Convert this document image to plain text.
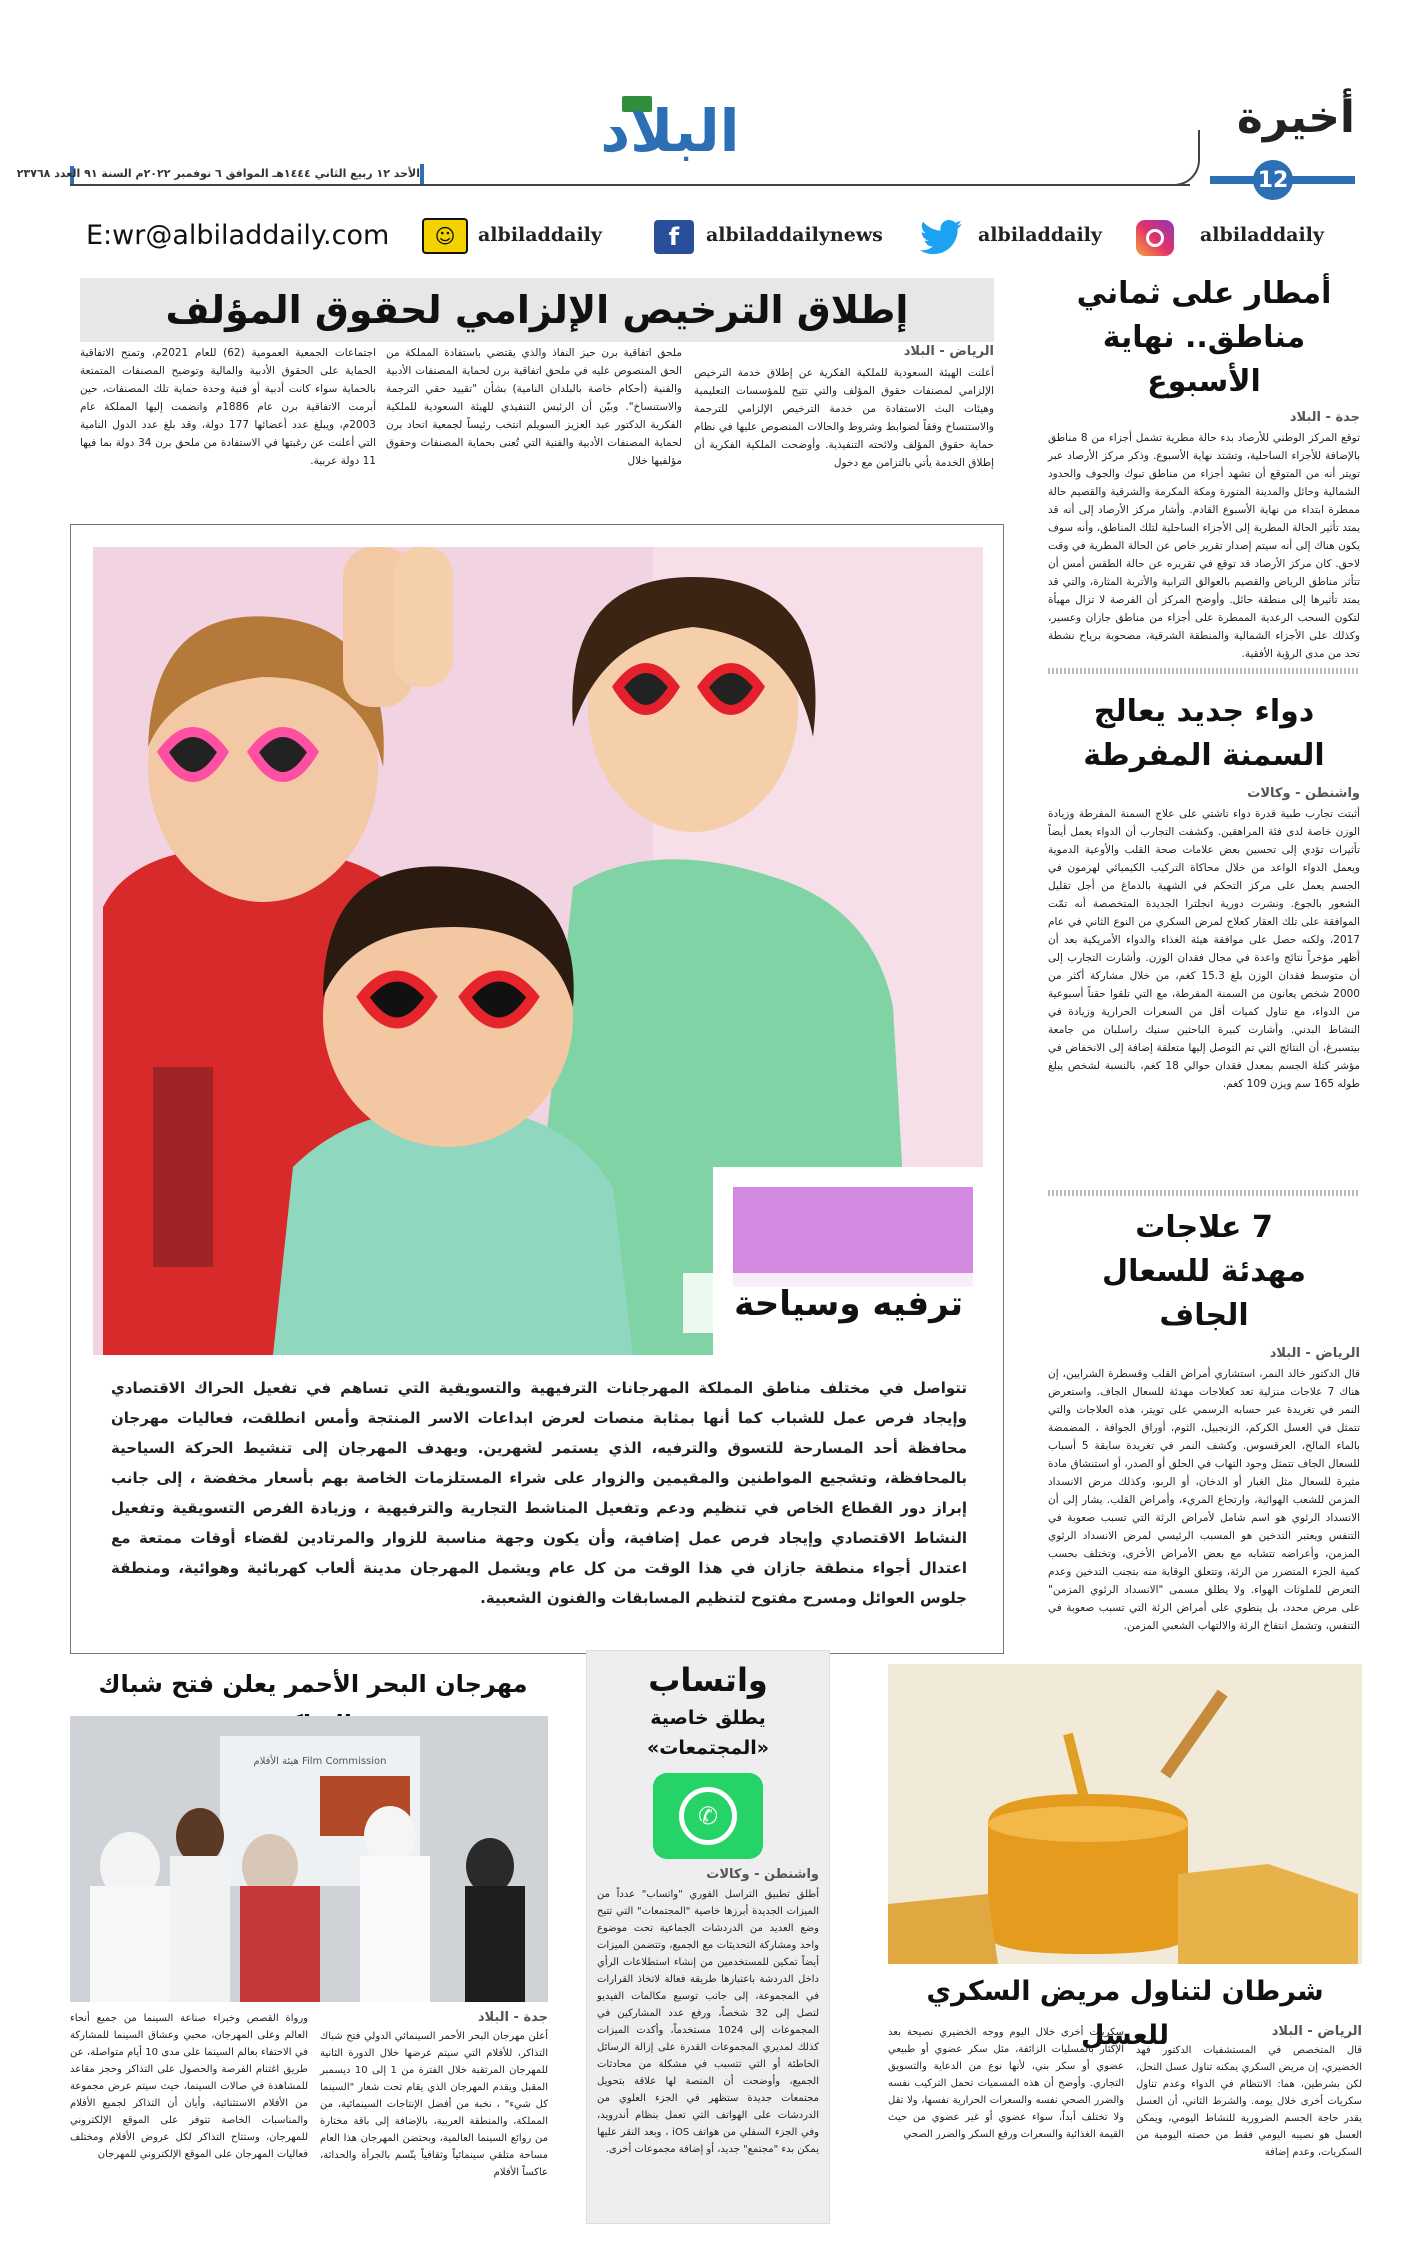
أخيرة
12
البلاد
الأحد ١٢ ربيع الثاني ١٤٤٤هـ الموافق ٦ نوفمبر ٢٠٢٢م السنة ٩١ العدد ٢٣٧٦٨
E:wr@albiladdaily.com ☺ albiladdaily	f	albiladdailynews	albiladdaily	albiladdaily
أمطار على ثماني مناطق.. نهاية الأسبوع
جدة - البلاد
توقع المركز الوطني للأرصاد بدء حالة مطرية تشمل أجزاء من 8 مناطق بالإضافة للأجزاء الساحلية، وتشتد نهاية الأسبوع. وذكر مركز الأرصاد عبر تويتر أنه من المتوقع أن تشهد أجزاء من مناطق تبوك والجوف والحدود الشمالية وحائل والمدينة المنورة ومكة المكرمة والشرقية والقصيم حالة ممطرة ابتداء من نهاية الأسبوع القادم. وأشار مركز الأرصاد إلى أنه قد يمتد تأثير الحالة المطرية إلى الأجزاء الساحلية لتلك المناطق، وأنه سوف يكون هناك إلى أنه سيتم إصدار تقرير خاص عن الحالة المطرية في وقت لاحق. كان مركز الأرصاد قد توقع في تقريره عن حالة الطقس أمس أن تتأثر مناطق الرياض والقصيم بالعوالق الترابية والأتربة المثارة، والتي قد يمتد تأثيرها إلى منطقة حائل. وأوضح المركز أن الفرصة لا تزال مهيأة لتكون السحب الرعدية الممطرة على أجزاء من مناطق جازان وعسير، وكذلك على الأجزاء الشمالية والمنطقة الشرقية، مصحوبة برياح نشطة تحد من مدى الرؤية الأفقية.
دواء جديد يعالج السمنة المفرطة
واشنطن - وكالات
أثبتت تجارب طبية قدرة دواء تاشتي على علاج السمنة المفرطة وزيادة الوزن خاصة لدى فئة المراهقين. وكشفت التجارب أن الدواء يعمل أيضاً تأثيرات تؤدي إلى تحسين بعض علامات صحة القلب والأوعية الدموية ويعمل الدواء الواعد من خلال محاكاة التركيب الكيميائي لهرمون في الجسم يعمل على مركز التحكم في الشهية بالدماغ من أجل تقليل الشعور بالجوع. ونشرت دورية انجلترا الجديدة المتخصصة أنه تمّت الموافقة على تلك العقار كعلاج لمرض السكري من النوع الثاني في عام 2017، ولكنه حصل على موافقة هيئة الغذاء والدواء الأمريكية بعد أن أظهر مؤخراً نتائج واعدة في مجال فقدان الوزن. وأشارت التجارب إلى أن متوسط فقدان الوزن بلغ 15.3 كغم، من خلال مشاركة أكثر من 2000 شخص يعانون من السمنة المفرطة، مع التي تلقوا حقناً أسبوعية من الدواء، مع تناول كميات أقل من السعرات الحرارية وزيادة في النشاط البدني. وأشارت كبيرة الباحثين سنيك راسلبان من جامعة بيتسبرغ، أن النتائج التي تم التوصل إليها متعلقة إضافة إلى الانخفاض في مؤشر كتلة الجسم بمعدل فقدان حوالي 18 كغم، بالنسبة لشخص يبلغ طوله 165 سم ويزن 109 كغم.
7 علاجات مهدئة للسعال الجاف
الرياض - البلاد
قال الدكتور خالد النمر، استشاري أمراض القلب وقسطرة الشرايين، إن هناك 7 علاجات منزلية تعد كعلاجات مهدئة للسعال الجاف. واستعرض النمر في تغريدة عبر حسابه الرسمي على تويتر، هذه العلاجات والتي تتمثل في العسل الكركم، الزنجبيل، الثوم، أوراق الجوافة ، المضمضة بالماء المالح، العرقسوس. وكشف النمر في تغريدة سابقة 5 أسباب للسعال الجاف تتمثل وجود التهاب في الحلق أو الصدر، أو استنشاق مادة مثيرة للسعال مثل الغبار أو الدخان، أو الربو، وكذلك مرض الانسداد المزمن للشعب الهوائية، وارتجاع المريء، وأمراض القلب. يشار إلى أن الانسداد الرئوي هو اسم شامل لأمراض الرئة التي تسبب صعوبة في التنفس ويعتبر التدخين هو المسبب الرئيسي لمرض الانسداد الرئوي المزمن، وأعراضه تتشابه مع بعض الأمراض الأخرى، وتختلف بحسب كمية الجزء المتضرر من الرئة، وتتعلق الوقاية منه بتجنب التدخين وعدم التعرض للملوثات الهواء. ولا يطلق مسمى "الانسداد الرئوي المزمن" على مرض محدد، بل ينطوي على أمراض الرئة التي تسبب صعوبة في التنفس، وتشمل انتفاخ الرئة والالتهاب الشعبي المزمن.
إطلاق الترخيص الإلزامي لحقوق المؤلف
الرياض - البلاد
أعلنت الهيئة السعودية للملكية الفكرية عن إطلاق خدمة الترخيص الإلزامي لمصنفات حقوق المؤلف والتي تتيح للمؤسسات التعليمية وهيئات البث الاستفادة من خدمة الترخيص الإلزامي للترجمة والاستنساخ وفقاً لضوابط وشروط والحالات المنصوص عليها في نظام حماية حقوق المؤلف ولائحته التنفيذية. وأوضحت الملكية الفكرية أن إطلاق الخدمة يأتي بالتزامن مع دخول
ملحق اتفاقية برن حيز النفاذ والذي يقتضي باستفادة المملكة من الحق المنصوص عليه في ملحق اتفاقية برن لحماية المصنفات الأدبية والفنية (أحكام خاصة بالبلدان النامية) بشأن "تقييد حقي الترجمة والاستنساخ". وبيّن أن الرئيس التنفيذي للهيئة السعودية للملكية الفكرية الدكتور عبد العزيز السويلم انتخب رئيساً لجمعية اتحاد برن لحماية المصنفات الأدبية والفنية التي تُعنى بحماية المصنفات وحقوق مؤلفيها خلال
اجتماعات الجمعية العمومية (62) للعام 2021م، وتمنح الاتفاقية الحماية على الحقوق الأدبية والمالية وتوضيح المصنفات المتمتعة بالحماية سواء كانت أدبية أو فنية وحدة حماية تلك المصنفات، حين أبرمت الاتفاقية برن عام 1886م وانضمت إليها المملكة عام 2003م، ويبلغ عدد أعضائها 177 دولة، وقد بلغ عدد الدول النامية التي أعلنت عن رغبتها في الاستفادة من ملحق برن 34 دولة بما فيها 11 دولة عربية.
ترفيه وسياحة
تتواصل في مختلف مناطق المملكة المهرجانات الترفيهية والتسويقية التي تساهم في تفعيل الحراك الاقتصادي وإيجاد فرص عمل للشباب كما أنها بمثابة منصات لعرض ابداعات الاسر المنتجة وأمس انطلقت، فعاليات مهرجان محافظة أحد المسارحة للتسوق والترفيه، الذي يستمر لشهرين. ويهدف المهرجان إلى تنشيط الحركة السياحية بالمحافظة، وتشجيع المواطنين والمقيمين والزوار على شراء المستلزمات الخاصة بهم بأسعار مخفضة ، إلى جانب إبراز دور القطاع الخاص في تنظيم ودعم وتفعيل المناشط التجارية والترفيهية ، وزيادة الفرص التسويقية وتفعيل النشاط الاقتصادي وإيجاد فرص عمل إضافية، وأن يكون وجهة مناسبة للزوار والمرتادين لقضاء أوقات ممتعة مع اعتدال أجواء منطقة جازان في هذا الوقت من كل عام ويشمل المهرجان مدينة ألعاب كهربائية وهوائية، ومنطقة جلوس العوائل ومسرح مفتوح لتنظيم المسابقات والفنون الشعبية.
مهرجان البحر الأحمر يعلن فتح شباك
هيئة الأفلام Film Commission
جدة - البلاد
أعلن مهرجان البحر الأحمر السينمائي الدولي فتح شباك التذاكر، للأفلام التي سيتم عرضها خلال الدورة الثانية للمهرجان المرتقبة خلال الفترة من 1 إلى 10 ديسمبر المقبل ويقدم المهرجان الذي يقام تحت شعار "السينما كل شيء" ، نخبة من أفضل الإنتاجات السينمائية، من المملكة، والمنطقة العربية، بالإضافة إلى باقة مختارة من روائع السينما العالمية، وبحتضن المهرجان هذا العام مساحة متلقي سينمائياً وثقافياً يتّسم بالجرأة والحداثة، عاكساً الأفلام
ورواة القصص وخبراء صناعة السينما من جميع أنحاء العالم وعلى المهرجان، محبي وعشاق السينما للمشاركة في الاحتفاء بعالم السينما على مدى 10 أيام متواصلة، عن طريق اغتنام الفرصة والحصول على التذاكر وحجز مقاعد للمشاهدة في صالات السينما، حيث سيتم عرض مجموعة من الأفلام الاستثنائية، وأيان أن التذاكر لجميع الأفلام والمناسبات الخاصة تتوفر على الموقع الإلكتروني للمهرجان، وستتاح التذاكر لكل عروض الأفلام ومختلف فعاليات المهرجان على الموقع الإلكتروني للمهرجان
واتساب
يطلق خاصية «المجتمعات»
✆
واشنطن - وكالات
أطلق تطبيق التراسل الفوري "واتساب" عدداً من الميزات الجديدة أبرزها خاصية "المجتمعات" التي تتيح وضع العديد من الدردشات الجماعية تحت موضوع واحد ومشاركة التحديثات مع الجميع، وتتضمن الميزات أيضاً تمكين للمستخدمين من إنشاء استطلاعات الرأي داخل الدردشة باعتبارها طريقة فعالة لاتخاذ القرارات في المجموعة، إلى جانب توسيع مكالمات الفيديو لتصل إلى 32 شخصاً، ورفع عدد المشاركين في المجموعات إلى 1024 مستخدماً، وأكدت الميزات كذلك لمديري المجموعات القدرة على إزالة الرسائل الخاطئة أو التي تتسبب في مشكلة من محادثات الجميع، وأوضحت أن المنصة لها علاقة بتحويل مجتمعات جديدة ستظهر في الجزء العلوي من الدردشات على الهواتف التي تعمل بنظام أندرويد، وفي الجزء السفلي من هواتف iOS ، وبعد النقر عليها يمكن بدء "مجتمع" جديد، أو إضافة مجموعات أخرى.
شرطان لتناول مريض السكري للعسل	الرياض - البلاد
قال المتخصص في المستشفيات الدكتور فهد الخضيري، إن مريض السكري يمكنه تناول عسل النحل، لكن بشرطين، هما: الانتظام في الدواء وعدم تناول سكريات أخرى خلال يومه. والشرط الثاني، أن العسل يقدر حاجة الجسم الضرورية للنشاط اليومي، ويمكن العسل هو نصيبه اليومي فقط من حصته اليومية من السكريات، وعدم إضافة
سكريات أخرى خلال اليوم ووجه الخضيري نصيحة بعد الإكثار بالمسليات الزائفة، مثل سكر عضوي أو طبيعي عضوي أو سكر بني، لأنها نوع من الدعاية والتسويق التجاري. وأوضح أن هذه المسميات تحمل التركيب نفسه والضرر الصحي نفسه والسعرات الحرارية نفسها، ولا تقل ولا تختلف أبداً، سواء عضوي أو غير عضوي من حيث القيمة الغذائية والسعرات ورفع السكر والضرر الصحي
